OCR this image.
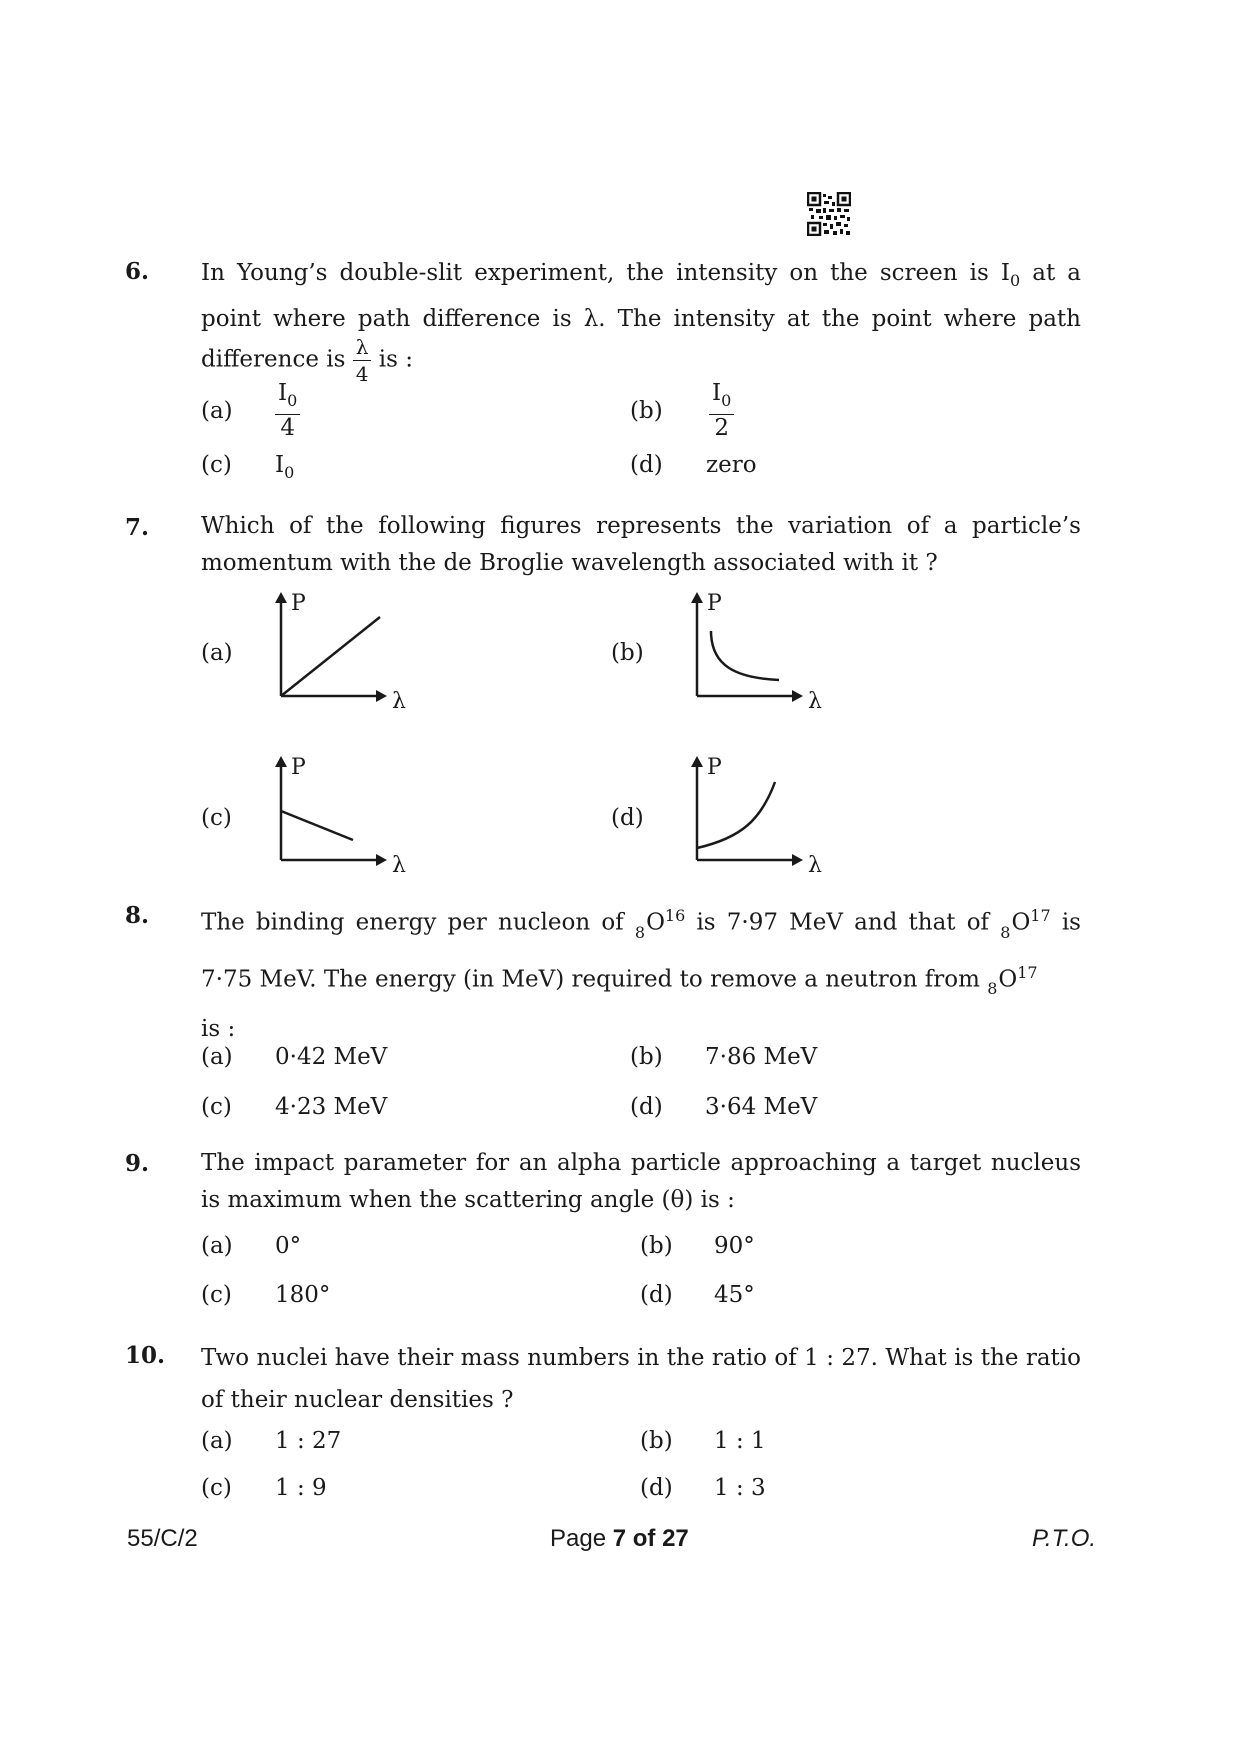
6. In Young’s double-slit experiment, the intensity on the screen is $I_0$ at a
point where path difference is λ. The intensity at the point where path
difference is $\frac{\lambda}{4}$ is :
$(a) \frac{I_0}{4}$	$(b) \frac{I_0}{2}$
(c) $I_0$	(d) zero
7. Which of the following figures represents the variation of a particle’s momentum with the de Broglie wavelength associated with it ?
(a)
P
λ
(b)
P
λ
(c)
P
λ
(d)
P
λ
8. The binding energy per nucleon of $_8O^{16}$ is 7·97 MeV and that of $_8O^{17}$ is
7·75 MeV. The energy (in MeV) required to remove a neutron from $_8O^{17}$
is :
(a) 0·42 MeV	(b) 7·86 MeV
(c) 4·23 MeV	(d) 3·64 MeV
9. The impact parameter for an alpha particle approaching a target nucleus is maximum when the scattering angle (θ) is :
(a) 0°	(b) 90°
(c) 180°	(d) 45°
10. Two nuclei have their mass numbers in the ratio of 1 : 27. What is the ratio of their nuclear densities ?
(a) 1 : 27	(b) 1 : 1
(c) 1 : 9	(d) 1 : 3
55/C/2	Page 7 of 27	P.T.O.
